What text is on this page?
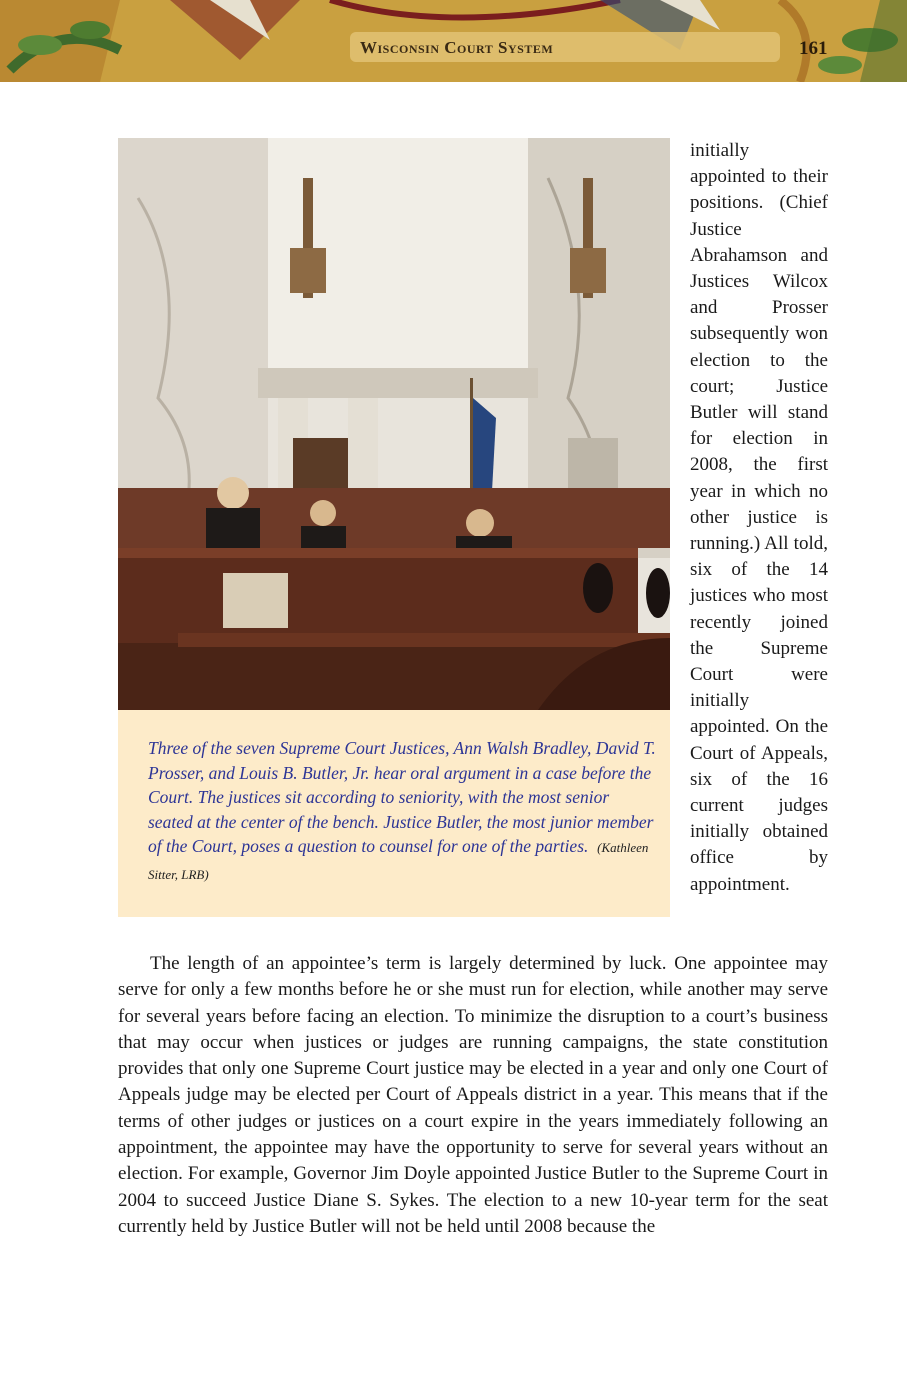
Wisconsin Court System	161
Three of the seven Supreme Court Justices, Ann Walsh Bradley, David T. Prosser, and Louis B. Butler, Jr. hear oral argument in a case before the Court. The justices sit according to seniority, with the most senior seated at the center of the bench. Justice Butler, the most junior member of the Court, poses a question to counsel for one of the parties. (Kathleen Sitter, LRB)

initially appointed to their positions. (Chief Justice Abrahamson and Justices Wilcox and Prosser subsequently won election to the court; Justice Butler will stand for election in 2008, the first year in which no other justice is running.) All told, six of the 14 justices who most recently joined the Supreme Court were initially appointed. On the Court of Appeals, six of the 16 current judges initially obtained office by appointment.

The length of an appointee’s term is largely determined by luck. One appointee may serve for only a few months before he or she must run for election, while another may serve for several years before facing an election. To minimize the disruption to a court’s business that may occur when justices or judges are running campaigns, the state constitution provides that only one Supreme Court justice may be elected in a year and only one Court of Appeals judge may be elected per Court of Appeals district in a year. This means that if the terms of other judges or justices on a court expire in the years immediately following an appointment, the appointee may have the opportunity to serve for several years without an election. For example, Governor Jim Doyle appointed Justice Butler to the Supreme Court in 2004 to succeed Justice Diane S. Sykes. The election to a new 10-year term for the seat currently held by Justice Butler will not be held until 2008 because the
